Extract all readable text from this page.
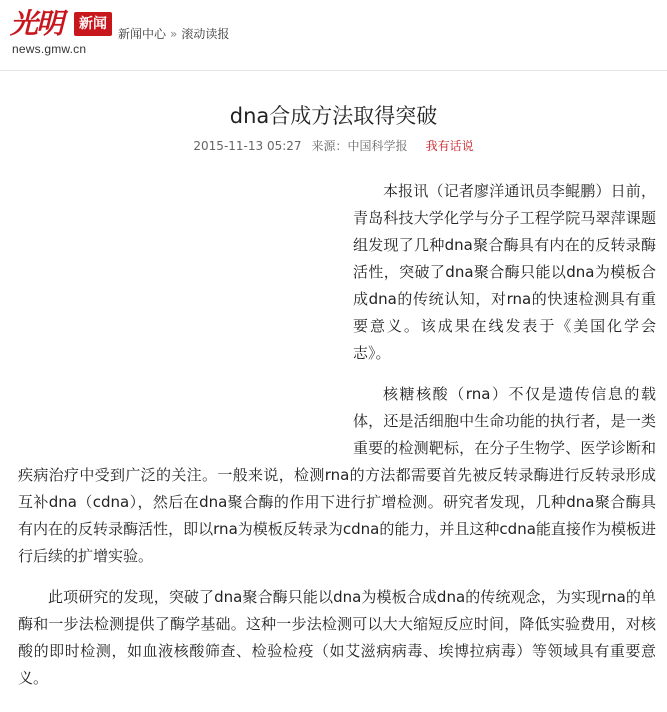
光明	新闻
news.gmw.cn
新闻中心 » 滚动读报
dna合成方法取得突破
2015-11-13 05:27 来源：中国科学报 我有话说

本报讯（记者廖洋通讯员李鲲鹏）日前，青岛科技大学化学与分子工程学院马翠萍课题组发现了几种dna聚合酶具有内在的反转录酶活性，突破了dna聚合酶只能以dna为模板合成dna的传统认知，对rna的快速检测具有重要意义。该成果在线发表于《美国化学会志》。

核糖核酸（rna）不仅是遗传信息的载体，还是活细胞中生命功能的执行者，是一类重要的检测靶标，在分子生物学、医学诊断和疾病治疗中受到广泛的关注。一般来说，检测rna的方法都需要首先被反转录酶进行反转录形成互补dna（cdna），然后在dna聚合酶的作用下进行扩增检测。研究者发现，几种dna聚合酶具有内在的反转录酶活性，即以rna为模板反转录为cdna的能力，并且这种cdna能直接作为模板进行后续的扩增实验。

此项研究的发现，突破了dna聚合酶只能以dna为模板合成dna的传统观念，为实现rna的单酶和一步法检测提供了酶学基础。这种一步法检测可以大大缩短反应时间，降低实验费用，对核酸的即时检测，如血液核酸筛查、检验检疫（如艾滋病病毒、埃博拉病毒）等领域具有重要意义。
